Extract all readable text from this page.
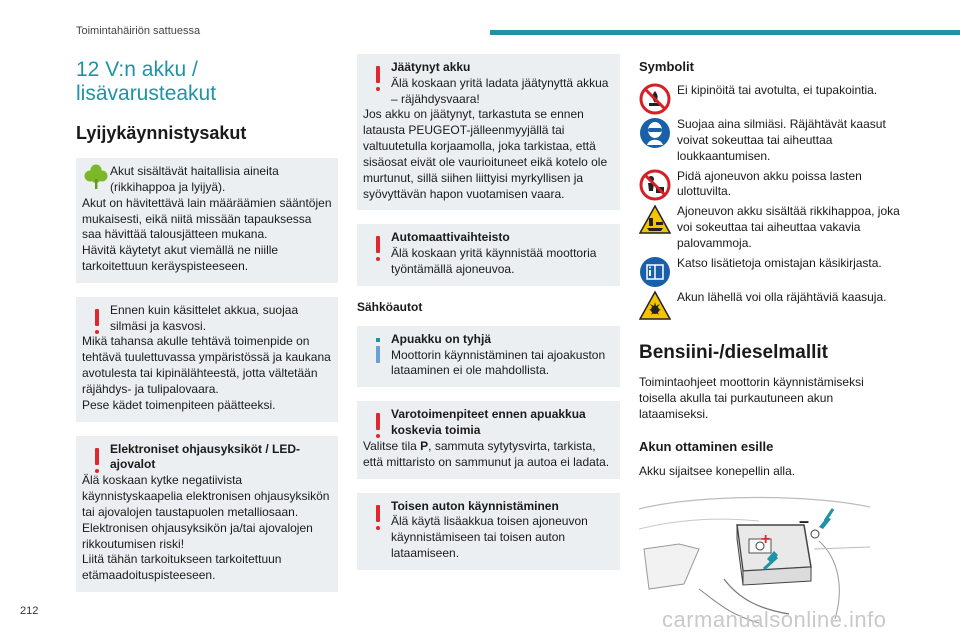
Toimintahäiriön sattuessa
12 V:n akku / lisävarusteakut
Lyijykäynnistysakut

Akut sisältävät haitallisia aineita (rikkihappoa ja lyijyä).

Akut on hävitettävä lain määräämien sääntöjen mukaisesti, eikä niitä missään tapauksessa saa hävittää talousjätteen mukana.

Hävitä käytetyt akut viemällä ne niille tarkoitettuun keräyspisteeseen.

Ennen kuin käsittelet akkua, suojaa silmäsi ja kasvosi.

Mikä tahansa akulle tehtävä toimenpide on tehtävä tuulettuvassa ympäristössä ja kaukana avotulesta tai kipinälähteestä, jotta vältetään räjähdys- ja tulipalovaara.

Pese kädet toimenpiteen päätteeksi.

Elektroniset ohjausyksiköt / LED-ajovalot

Älä koskaan kytke negatiivista käynnistyskaapelia elektronisen ohjausyksikön tai ajovalojen taustapuolen metalliosaan.

Elektronisen ohjausyksikön ja/tai ajovalojen rikkoutumisen riski!

Liitä tähän tarkoitukseen tarkoitettuun etämaadoituspisteeseen.

Jäätynyt akku

Älä koskaan yritä ladata jäätynyttä akkua – räjähdysvaara!

Jos akku on jäätynyt, tarkastuta se ennen latausta PEUGEOT-jälleenmyyjällä tai valtuutetulla korjaamolla, joka tarkistaa, että sisäosat eivät ole vaurioituneet eikä kotelo ole murtunut, sillä siihen liittyisi myrkyllisen ja syövyttävän hapon vuotamisen vaara.

Automaattivaihteisto

Älä koskaan yritä käynnistää moottoria työntämällä ajoneuvoa.

Sähköautot
Apuakku on tyhjä

Moottorin käynnistäminen tai ajoakuston lataaminen ei ole mahdollista.

Varotoimenpiteet ennen apuakkua koskevia toimia

Valitse tila P, sammuta sytytysvirta, tarkista, että mittaristo on sammunut ja autoa ei ladata.

Toisen auton käynnistäminen

Älä käytä lisäakkua toisen ajoneuvon käynnistämiseen tai toisen auton lataamiseen.

Symbolit
Ei kipinöitä tai avotulta, ei tupakointia.
Suojaa aina silmiäsi. Räjähtävät kaasut voivat sokeuttaa tai aiheuttaa loukkaantumisen.
Pidä ajoneuvon akku poissa lasten ulottuvilta.
Ajoneuvon akku sisältää rikkihappoa, joka voi sokeuttaa tai aiheuttaa vakavia palovammoja.
Katso lisätietoja omistajan käsikirjasta.
Akun lähellä voi olla räjähtäviä kaasuja.
Bensiini-/dieselmallit

Toimintaohjeet moottorin käynnistämiseksi toisella akulla tai purkautuneen akun lataamiseksi.

Akun ottaminen esille

Akku sijaitsee konepellin alla.

+
–
212	carmanualsonline.info
